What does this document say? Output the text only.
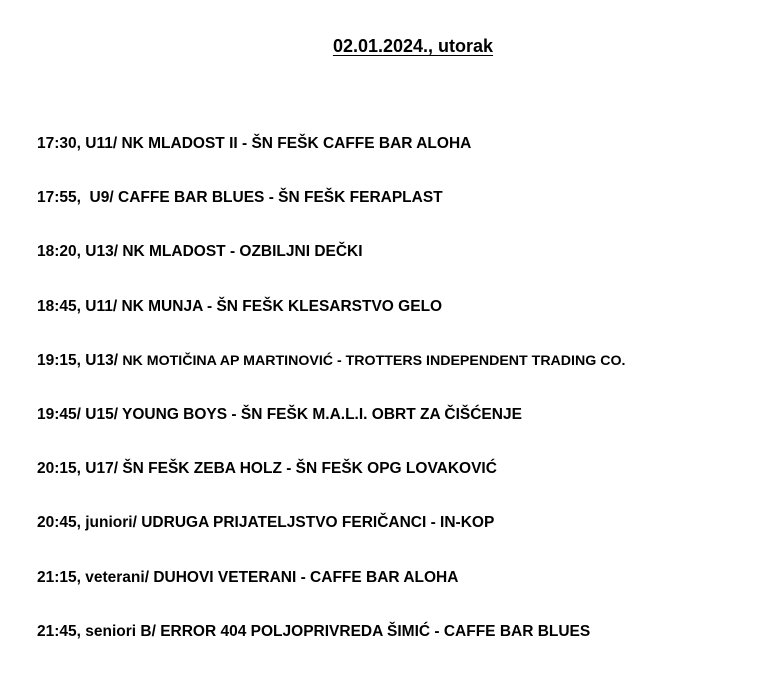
02.01.2024., utorak
17:30, U11/ NK MLADOST II - ŠN FEŠK CAFFE BAR ALOHA
17:55,  U9/ CAFFE BAR BLUES - ŠN FEŠK FERAPLAST
18:20, U13/ NK MLADOST - OZBILJNI DEČKI
18:45, U11/ NK MUNJA - ŠN FEŠK KLESARSTVO GELO
19:15, U13/ NK MOTIČINA AP MARTINOVIĆ - TROTTERS INDEPENDENT TRADING CO.
19:45/ U15/ YOUNG BOYS - ŠN FEŠK M.A.L.I. OBRT ZA ČIŠĆENJE
20:15, U17/ ŠN FEŠK ZEBA HOLZ - ŠN FEŠK OPG LOVAKOVIĆ
20:45, juniori/ UDRUGA PRIJATELJSTVO FERIČANCI - IN-KOP
21:15, veterani/ DUHOVI VETERANI - CAFFE BAR ALOHA
21:45, seniori B/ ERROR 404 POLJOPRIVREDA ŠIMIĆ - CAFFE BAR BLUES
